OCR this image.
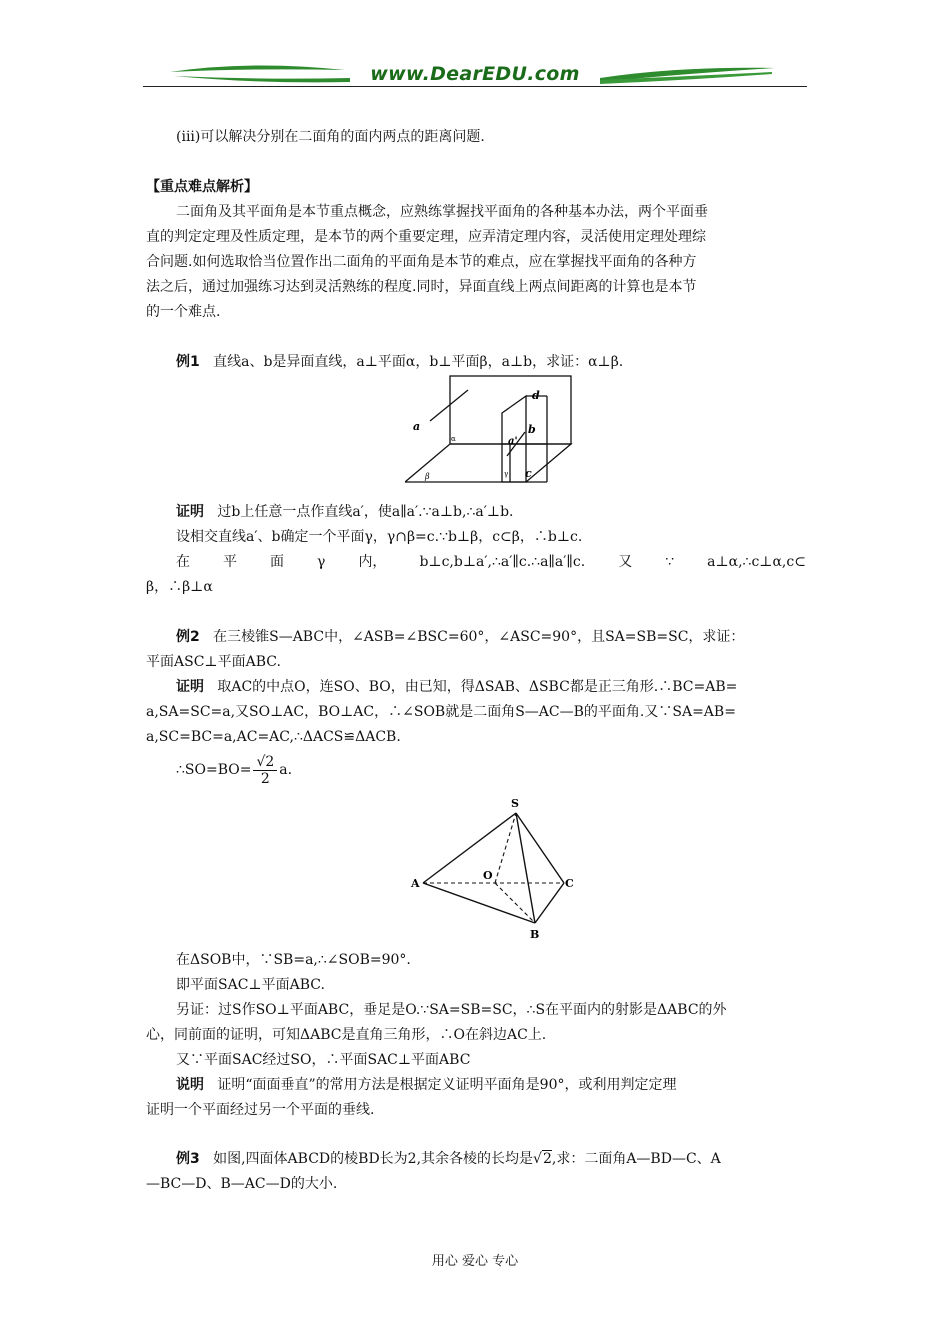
www.DearEDU.com
(iii)可以解决分别在二面角的面内两点的距离问题.
【重点难点解析】
二面角及其平面角是本节重点概念，应熟练掌握找平面角的各种基本办法，两个平面垂
直的判定定理及性质定理，是本节的两个重要定理，应弄清定理内容，灵活使用定理处理综
合问题.如何选取恰当位置作出二面角的平面角是本节的难点，应在掌握找平面角的各种方
法之后，通过加强练习达到灵活熟练的程度.同时，异面直线上两点间距离的计算也是本节
的一个难点.
例1 直线a、b是异面直线，a⊥平面α，b⊥平面β，a⊥b，求证：α⊥β.
a
α
β
d
a'
b
γ c
证明 过b上任意一点作直线a′，使a∥a′.∵a⊥b,∴a′⊥b.
设相交直线a′、b确定一个平面γ，γ∩β=c.∵b⊥β，c⊂β，∴b⊥c.
在 平 面 γ 内， b⊥c,b⊥a′,∴a′∥c.∴a∥a′∥c. 又 ∵ a⊥α,∴c⊥α,c⊂
β，∴β⊥α
例2 在三棱锥S—ABC中，∠ASB=∠BSC=60°，∠ASC=90°，且SA=SB=SC，求证：
平面ASC⊥平面ABC.
证明 取AC的中点O，连SO、BO，由已知，得ΔSAB、ΔSBC都是正三角形.∴BC=AB=
a,SA=SC=a,又SO⊥AC，BO⊥AC，∴∠SOB就是二面角S—AC—B的平面角.又∵SA=AB=
a,SC=BC=a,AC=AC,∴ΔACS≌ΔACB.
∴SO=BO= $\frac{√2}{2} a$.
S
O
A	C
B
在ΔSOB中，∵SB=a,∴∠SOB=90°.
即平面SAC⊥平面ABC.
另证：过S作SO⊥平面ABC，垂足是O.∵SA=SB=SC，∴S在平面内的射影是ΔABC的外
心，同前面的证明，可知ΔABC是直角三角形，∴O在斜边AC上.
又∵平面SAC经过SO，∴平面SAC⊥平面ABC
说明 证明“面面垂直”的常用方法是根据定义证明平面角是90°，或利用判定定理
证明一个平面经过另一个平面的垂线.
例3 如图,四面体ABCD的棱BD长为2,其余各棱的长均是√2,求：二面角A—BD—C、A
—BC—D、B—AC—D的大小.
用心 爱心 专心
